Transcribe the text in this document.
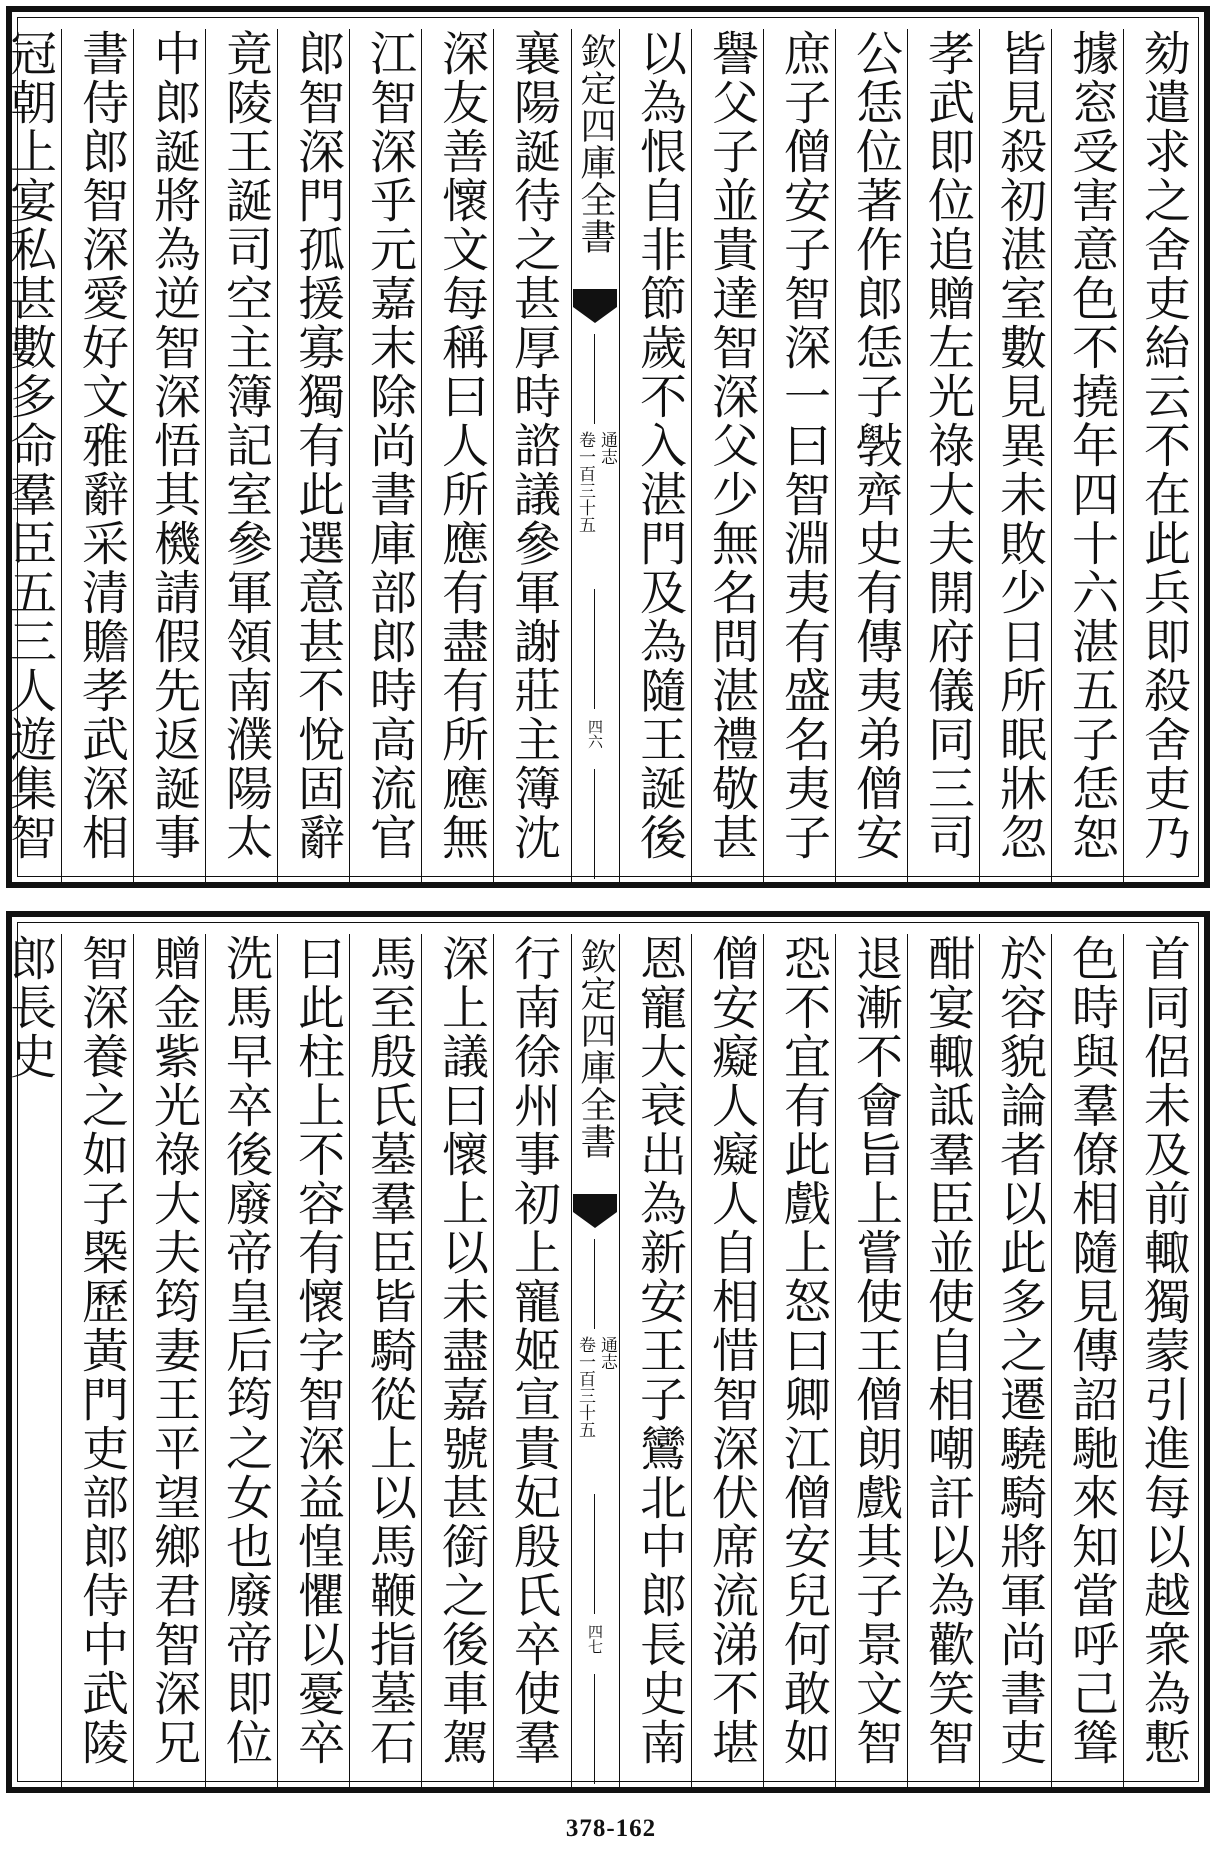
劾遣求之舍吏紿云不在此兵即殺舍吏乃
據窓受害意色不撓年四十六湛五子恁恕
皆見殺初湛室數見異未敗少日所眠牀忽
孝武即位追贈左光祿大夫開府儀同三司
公恁位著作郎恁子斅齊史有傳夷弟僧安
庶子僧安子智深一曰智淵夷有盛名夷子
譽父子並貴達智深父少無名問湛禮敬甚
以為恨自非節歲不入湛門及為隨王誕後
欽定四庫全書
通志
卷一百三十五
四六
襄陽誕待之甚厚時諮議參軍謝莊主簿沈
深友善懷文每稱曰人所應有盡有所應無
江智深乎元嘉末除尚書庫部郎時高流官
郎智深門孤援寡獨有此選意甚不悅固辭
竟陵王誕司空主簿記室參軍領南濮陽太
中郎誕將為逆智深悟其機請假先返誕事
書侍郎智深愛好文雅辭采清贍孝武深相
冠朝上宴私甚數多命羣臣五三人遊集智
首同侶未及前輙獨蒙引進每以越衆為慙
色時與羣僚相隨見傳詔馳來知當呼己聳
於容貌論者以此多之遷驍騎將軍尚書吏
酣宴輙詆羣臣並使自相嘲訐以為歡笑智
退漸不會旨上嘗使王僧朗戲其子景文智
恐不宜有此戲上怒曰卿江僧安兒何敢如
僧安癡人癡人自相惜智深伏席流涕不堪
恩寵大衰出為新安王子鸞北中郎長史南
欽定四庫全書
通志
卷一百三十五
四七
行南徐州事初上寵姬宣貴妃殷氏卒使羣
深上議曰懷上以未盡嘉號甚銜之後車駕
馬至殷氏墓羣臣皆騎從上以馬鞭指墓石
曰此柱上不容有懷字智深益惶懼以憂卒
洗馬早卒後廢帝皇后筠之女也廢帝即位
贈金紫光祿大夫筠妻王平望鄉君智深兄
智深養之如子槩歷黃門吏部郎侍中武陵
郎長史
378-162
